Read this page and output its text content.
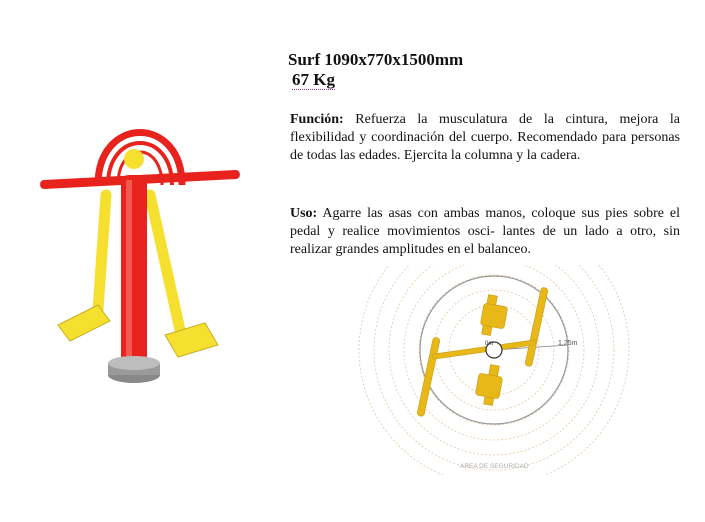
Surf 1090x770x1500mm

67 Kg

Función: Refuerza la musculatura de la cintura, mejora la flexibilidad y coordinación del cuerpo. Recomendado para personas de todas las edades. Ejercita la columna y la cadera.

Uso: Agarre las asas con ambas manos, coloque sus pies sobre el pedal y realice movimientos osci- lantes de un lado a otro, sin realizar grandes amplitudes en el balanceo.

1,25m
0m
AREA DE SEGURIDAD
